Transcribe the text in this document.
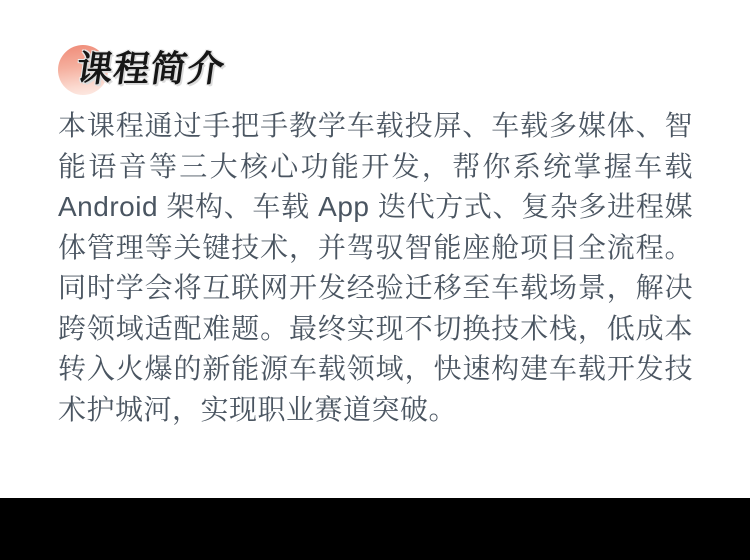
课程简介
本课程通过手把手教学车载投屏、车载多媒体、智
能语音等三大核心功能开发，帮你系统掌握车载
Android 架构、车载 App 迭代方式、复杂多进程媒
体管理等关键技术，并驾驭智能座舱项目全流程。
同时学会将互联网开发经验迁移至车载场景，解决
跨领域适配难题。最终实现不切换技术栈，低成本
转入火爆的新能源车载领域，快速构建车载开发技
术护城河，实现职业赛道突破。
